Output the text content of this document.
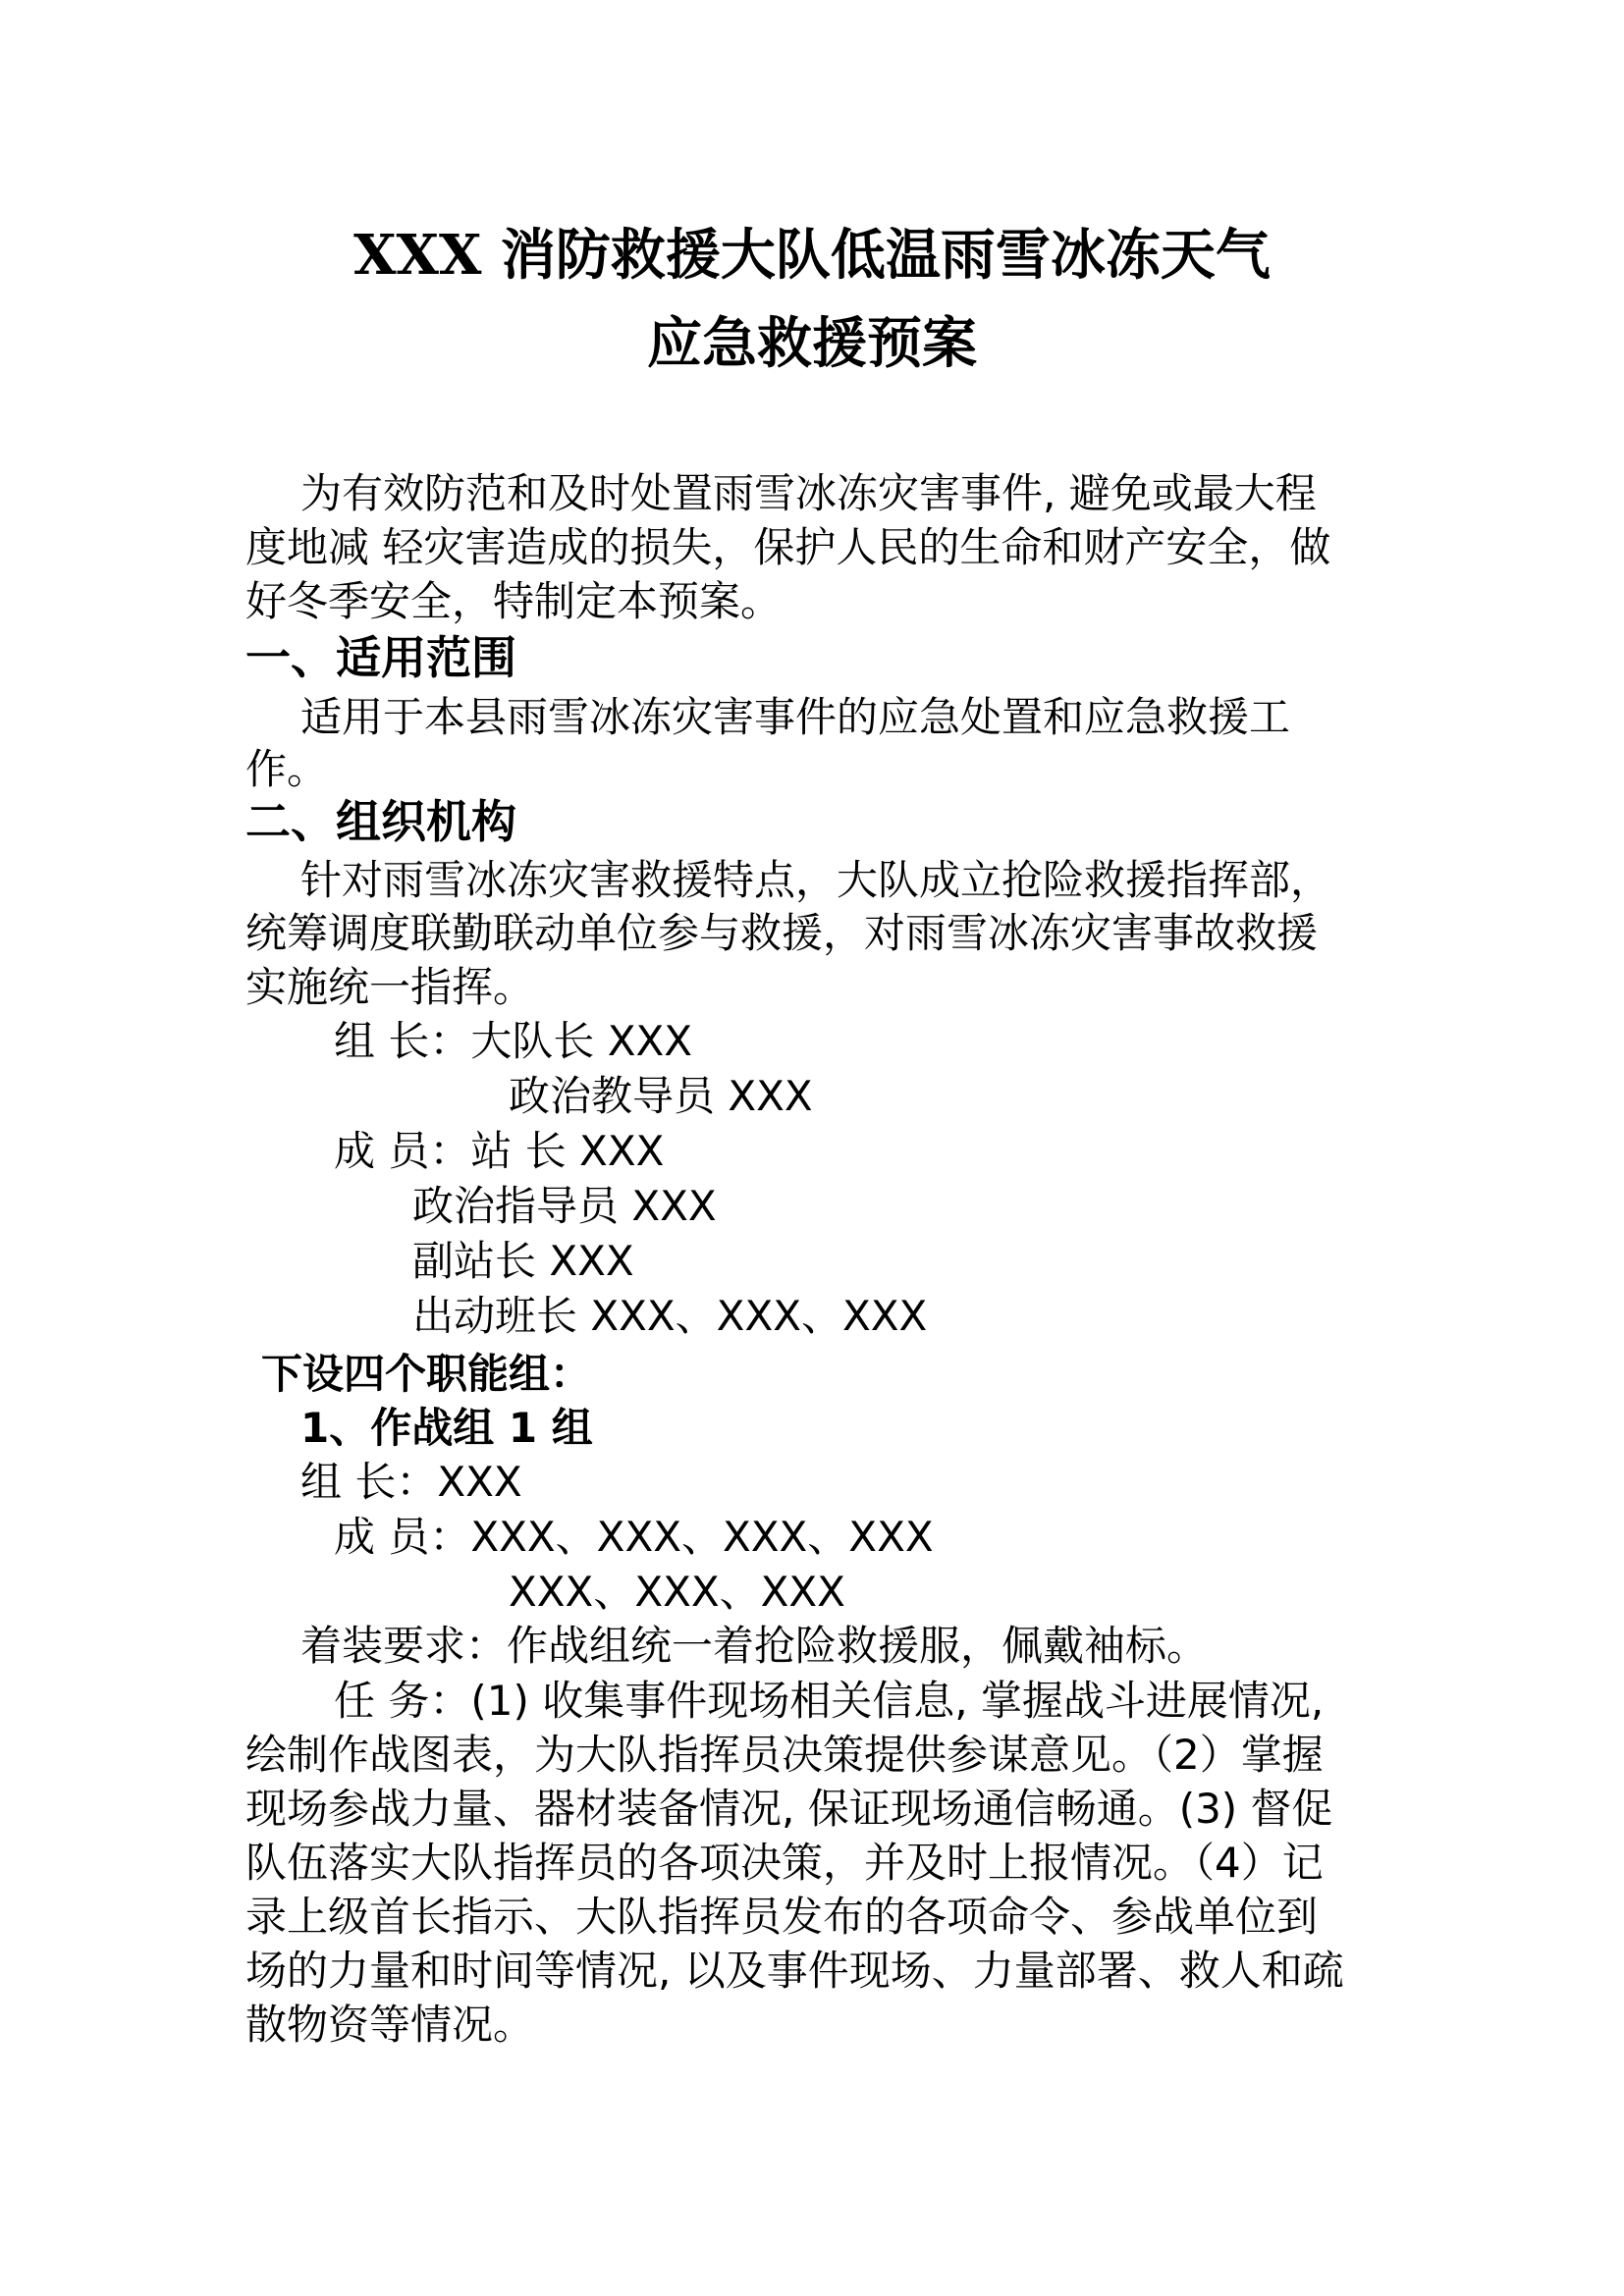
XXX 消防救援大队低温雨雪冰冻天气
应急救援预案
为有效防范和及时处置雨雪冰冻灾害事件, 避免或最大程
度地减 轻灾害造成的损失，保护人民的生命和财产安全，做
好冬季安全，特制定本预案。
一、适用范围
适用于本县雨雪冰冻灾害事件的应急处置和应急救援工
作。
二、组织机构
针对雨雪冰冻灾害救援特点，大队成立抢险救援指挥部，
统筹调度联勤联动单位参与救援，对雨雪冰冻灾害事故救援
实施统一指挥。
组 长：大队长 XXX
政治教导员 XXX
成 员：站 长 XXX
政治指导员 XXX
副站长 XXX
出动班长 XXX、XXX、XXX
下设四个职能组：
1、作战组 1 组
组 长：XXX
成 员：XXX、XXX、XXX、XXX
XXX、XXX、XXX
着装要求：作战组统一着抢险救援服，佩戴袖标。
任 务：(1) 收集事件现场相关信息, 掌握战斗进展情况,
绘制作战图表，为大队指挥员决策提供参谋意见。（2）掌握
现场参战力量、器材装备情况, 保证现场通信畅通。(3) 督促
队伍落实大队指挥员的各项决策，并及时上报情况。（4）记
录上级首长指示、大队指挥员发布的各项命令、参战单位到
场的力量和时间等情况, 以及事件现场、力量部署、救人和疏
散物资等情况。
